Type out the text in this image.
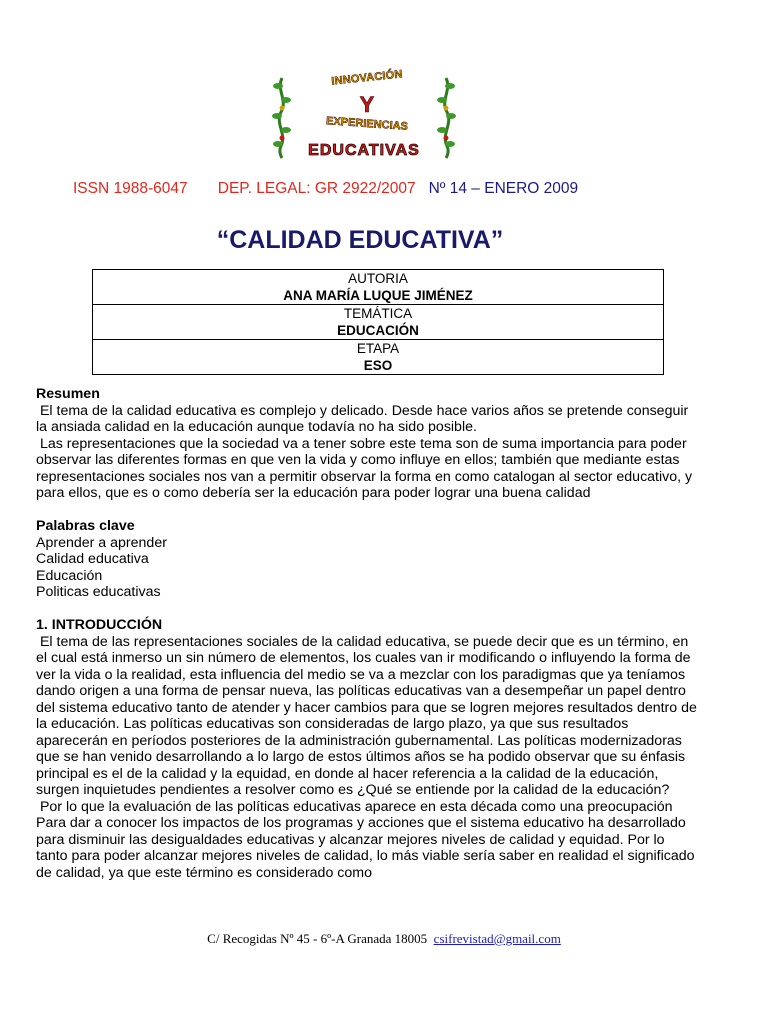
INNOVACIÓN
Y
EXPERIENCIAS
EDUCATIVAS
ISSN 1988-6047 DEP. LEGAL: GR 2922/2007 Nº 14 – ENERO 2009
“CALIDAD EDUCATIVA”
AUTORIA
ANA MARÍA LUQUE JIMÉNEZ

TEMÁTICA
EDUCACIÓN

ETAPA
ESO

Resumen

El tema de la calidad educativa es complejo y delicado. Desde hace varios años se pretende conseguir la ansiada calidad en la educación aunque todavía no ha sido posible.

Las representaciones que la sociedad va a tener sobre este tema son de suma importancia para poder observar las diferentes formas en que ven la vida y como influye en ellos; también que mediante estas representaciones sociales nos van a permitir observar la forma en como catalogan al sector educativo, y para ellos, que es o como debería ser la educación para poder lograr una buena calidad

Palabras clave

Aprender a aprender

Calidad educativa

Educación

Politicas educativas

1. INTRODUCCIÓN

El tema de las representaciones sociales de la calidad educativa, se puede decir que es un término, en el cual está inmerso un sin número de elementos, los cuales van ir modificando o influyendo la forma de ver la vida o la realidad, esta influencia del medio se va a mezclar con los paradigmas que ya teníamos dando origen a una forma de pensar nueva, las políticas educativas van a desempeñar un papel dentro del sistema educativo tanto de atender y hacer cambios para que se logren mejores resultados dentro de la educación. Las políticas educativas son consideradas de largo plazo, ya que sus resultados aparecerán en períodos posteriores de la administración gubernamental. Las políticas modernizadoras que se han venido desarrollando a lo largo de estos últimos años se ha podido observar que su énfasis principal es el de la calidad y la equidad, en donde al hacer referencia a la calidad de la educación, surgen inquietudes pendientes a resolver como es ¿Qué se entiende por la calidad de la educación?

Por lo que la evaluación de las políticas educativas aparece en esta década como una preocupación Para dar a conocer los impactos de los programas y acciones que el sistema educativo ha desarrollado para disminuir las desigualdades educativas y alcanzar mejores niveles de calidad y equidad. Por lo tanto para poder alcanzar mejores niveles de calidad, lo más viable sería saber en realidad el significado de calidad, ya que este término es considerado como

C/ Recogidas Nº 45 - 6º-A Granada 18005 csifrevistad@gmail.com
